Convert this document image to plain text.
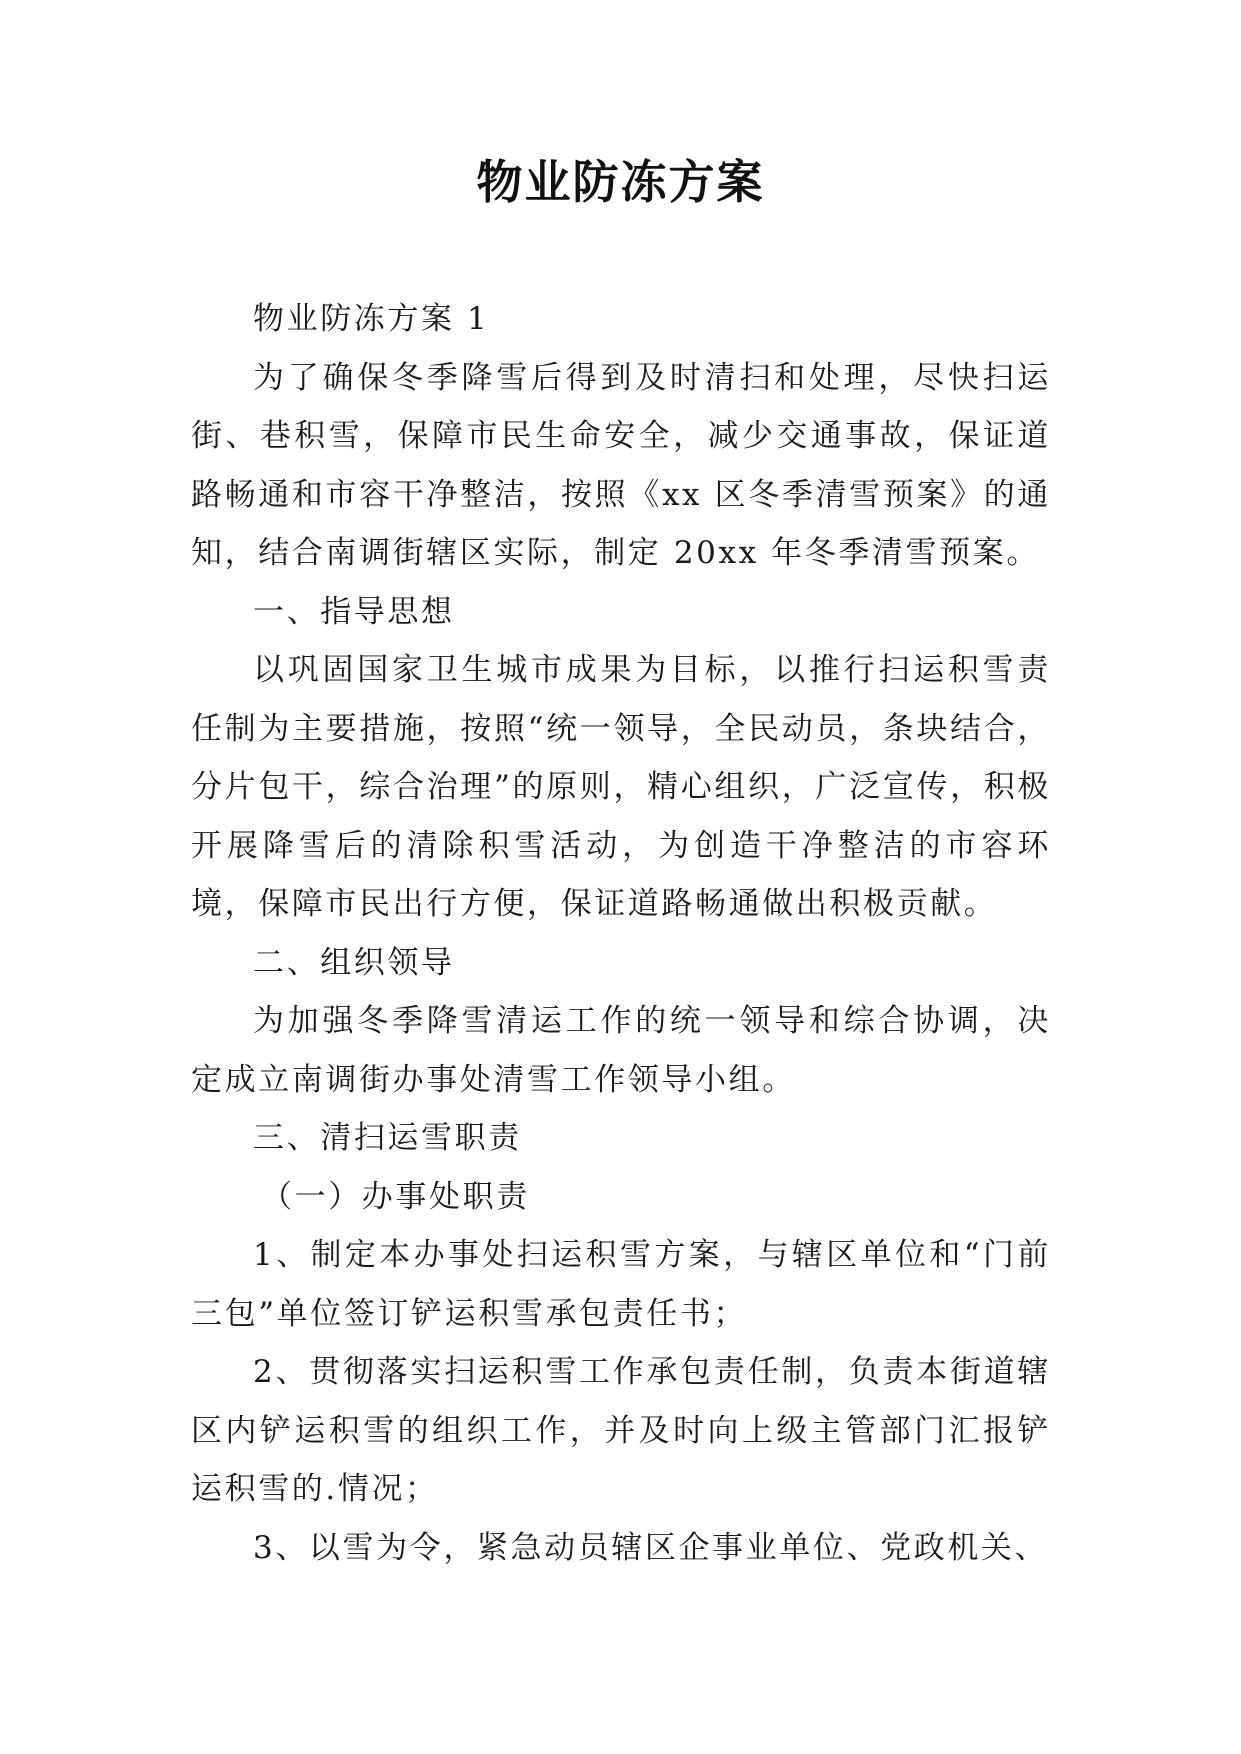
物业防冻方案

物业防冻方案 1

为了确保冬季降雪后得到及时清扫和处理，尽快扫运街、巷积雪，保障市民生命安全，减少交通事故，保证道路畅通和市容干净整洁，按照《xx 区冬季清雪预案》的通知，结合南调街辖区实际，制定 20xx 年冬季清雪预案。

一、指导思想

以巩固国家卫生城市成果为目标，以推行扫运积雪责任制为主要措施，按照“统一领导，全民动员，条块结合，分片包干，综合治理”的原则，精心组织，广泛宣传，积极开展降雪后的清除积雪活动，为创造干净整洁的市容环境，保障市民出行方便，保证道路畅通做出积极贡献。

二、组织领导

为加强冬季降雪清运工作的统一领导和综合协调，决定成立南调街办事处清雪工作领导小组。

三、清扫运雪职责

（一）办事处职责

1、制定本办事处扫运积雪方案，与辖区单位和“门前三包”单位签订铲运积雪承包责任书；

2、贯彻落实扫运积雪工作承包责任制，负责本街道辖区内铲运积雪的组织工作，并及时向上级主管部门汇报铲运积雪的.情况；

3、以雪为令，紧急动员辖区企事业单位、党政机关、
